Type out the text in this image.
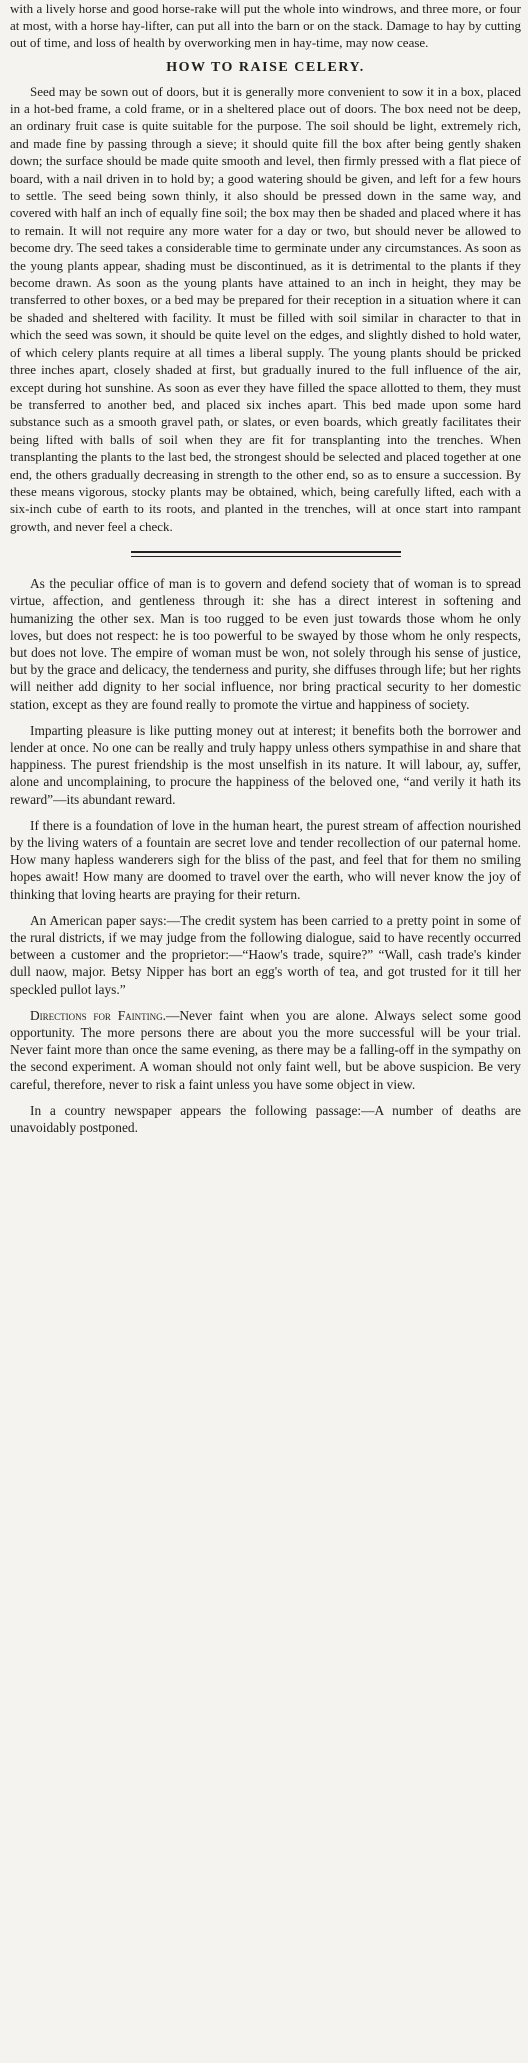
with a lively horse and good horse-rake will put the whole into windrows, and three more, or four at most, with a horse hay-lifter, can put all into the barn or on the stack. Damage to hay by cutting out of time, and loss of health by overworking men in hay-time, may now cease.

HOW TO RAISE CELERY.

Seed may be sown out of doors, but it is generally more convenient to sow it in a box, placed in a hot-bed frame, a cold frame, or in a sheltered place out of doors. The box need not be deep, an ordinary fruit case is quite suitable for the purpose. The soil should be light, extremely rich, and made fine by passing through a sieve; it should quite fill the box after being gently shaken down; the surface should be made quite smooth and level, then firmly pressed with a flat piece of board, with a nail driven in to hold by; a good watering should be given, and left for a few hours to settle. The seed being sown thinly, it also should be pressed down in the same way, and covered with half an inch of equally fine soil; the box may then be shaded and placed where it has to remain. It will not require any more water for a day or two, but should never be allowed to become dry. The seed takes a considerable time to germinate under any circumstances. As soon as the young plants appear, shading must be discontinued, as it is detrimental to the plants if they become drawn. As soon as the young plants have attained to an inch in height, they may be transferred to other boxes, or a bed may be prepared for their reception in a situation where it can be shaded and sheltered with facility. It must be filled with soil similar in character to that in which the seed was sown, it should be quite level on the edges, and slightly dished to hold water, of which celery plants require at all times a liberal supply. The young plants should be pricked three inches apart, closely shaded at first, but gradually inured to the full influence of the air, except during hot sunshine. As soon as ever they have filled the space allotted to them, they must be transferred to another bed, and placed six inches apart. This bed made upon some hard substance such as a smooth gravel path, or slates, or even boards, which greatly facilitates their being lifted with balls of soil when they are fit for transplanting into the trenches. When transplanting the plants to the last bed, the strongest should be selected and placed together at one end, the others gradually decreasing in strength to the other end, so as to ensure a succession. By these means vigorous, stocky plants may be obtained, which, being carefully lifted, each with a six-inch cube of earth to its roots, and planted in the trenches, will at once start into rampant growth, and never feel a check.

As the peculiar office of man is to govern and defend society that of woman is to spread virtue, affection, and gentleness through it: she has a direct interest in softening and humanizing the other sex. Man is too rugged to be even just towards those whom he only loves, but does not respect: he is too powerful to be swayed by those whom he only respects, but does not love. The empire of woman must be won, not solely through his sense of justice, but by the grace and delicacy, the tenderness and purity, she diffuses through life; but her rights will neither add dignity to her social influence, nor bring practical security to her domestic station, except as they are found really to promote the virtue and happiness of society.

Imparting pleasure is like putting money out at interest; it benefits both the borrower and lender at once. No one can be really and truly happy unless others sympathise in and share that happiness. The purest friendship is the most unselfish in its nature. It will labour, ay, suffer, alone and uncomplaining, to procure the happiness of the beloved one, “and verily it hath its reward”—its abundant reward.

If there is a foundation of love in the human heart, the purest stream of affection nourished by the living waters of a fountain are secret love and tender recollection of our paternal home. How many hapless wanderers sigh for the bliss of the past, and feel that for them no smiling hopes await! How many are doomed to travel over the earth, who will never know the joy of thinking that loving hearts are praying for their return.

An American paper says:—The credit system has been carried to a pretty point in some of the rural districts, if we may judge from the following dialogue, said to have recently occurred between a customer and the proprietor:—“Haow's trade, squire?” “Wall, cash trade's kinder dull naow, major. Betsy Nipper has bort an egg's worth of tea, and got trusted for it till her speckled pullot lays.”

Directions for Fainting.—Never faint when you are alone. Always select some good opportunity. The more persons there are about you the more successful will be your trial. Never faint more than once the same evening, as there may be a falling-off in the sympathy on the second experiment. A woman should not only faint well, but be above suspicion. Be very careful, therefore, never to risk a faint unless you have some object in view.

In a country newspaper appears the following passage:—A number of deaths are unavoidably postponed.
